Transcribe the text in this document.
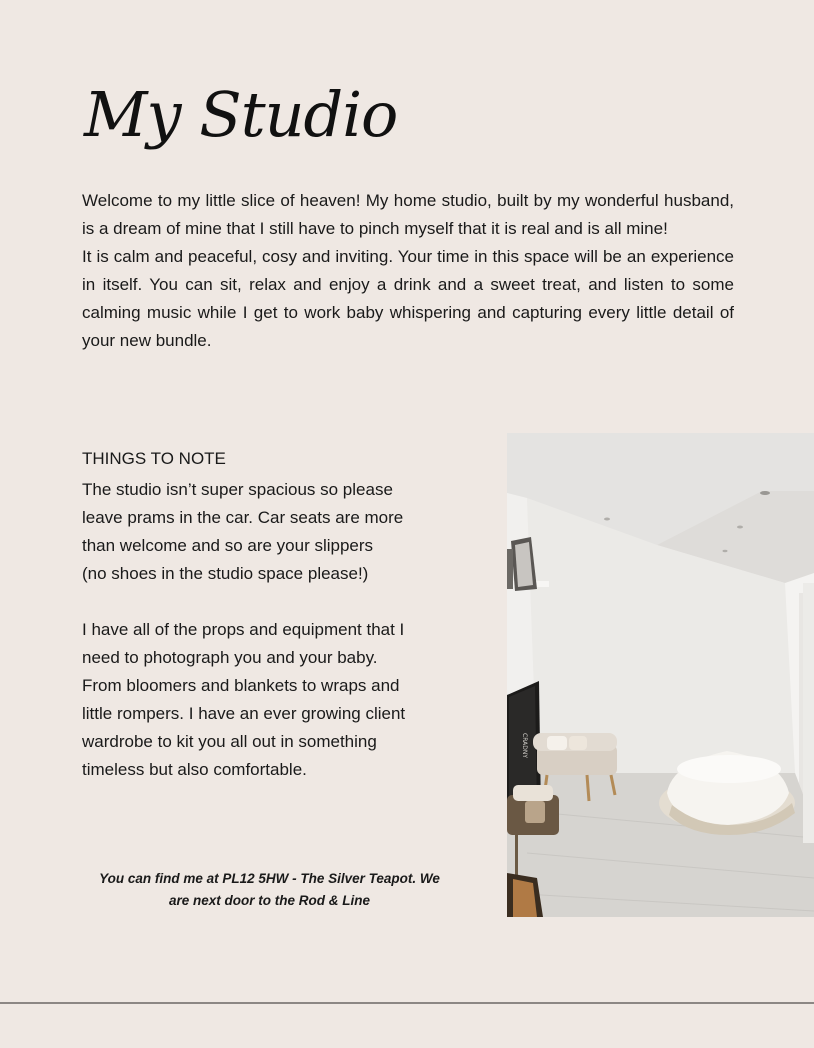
My Studio

Welcome to my little slice of heaven! My home studio, built by my wonderful husband, is a dream of mine that I still have to pinch myself that it is real and is all mine!

It is calm and peaceful, cosy and inviting. Your time in this space will be an experience in itself. You can sit, relax and enjoy a drink and a sweet treat, and listen to some calming music while I get to work baby whispering and capturing every little detail of your new bundle.

THINGS TO NOTE

The studio isn’t super spacious so please

leave prams in the car. Car seats are more

than welcome and so are your slippers

(no shoes in the studio space please!)

I have all of the props and equipment that I

need to photograph you and your baby.

From bloomers and blankets to wraps and

little rompers. I have an ever growing client

wardrobe to kit you all out in something

timeless but also comfortable.

You can find me at PL12 5HW - The Silver Teapot. We
are next door to the Rod & Line
CRADNY
